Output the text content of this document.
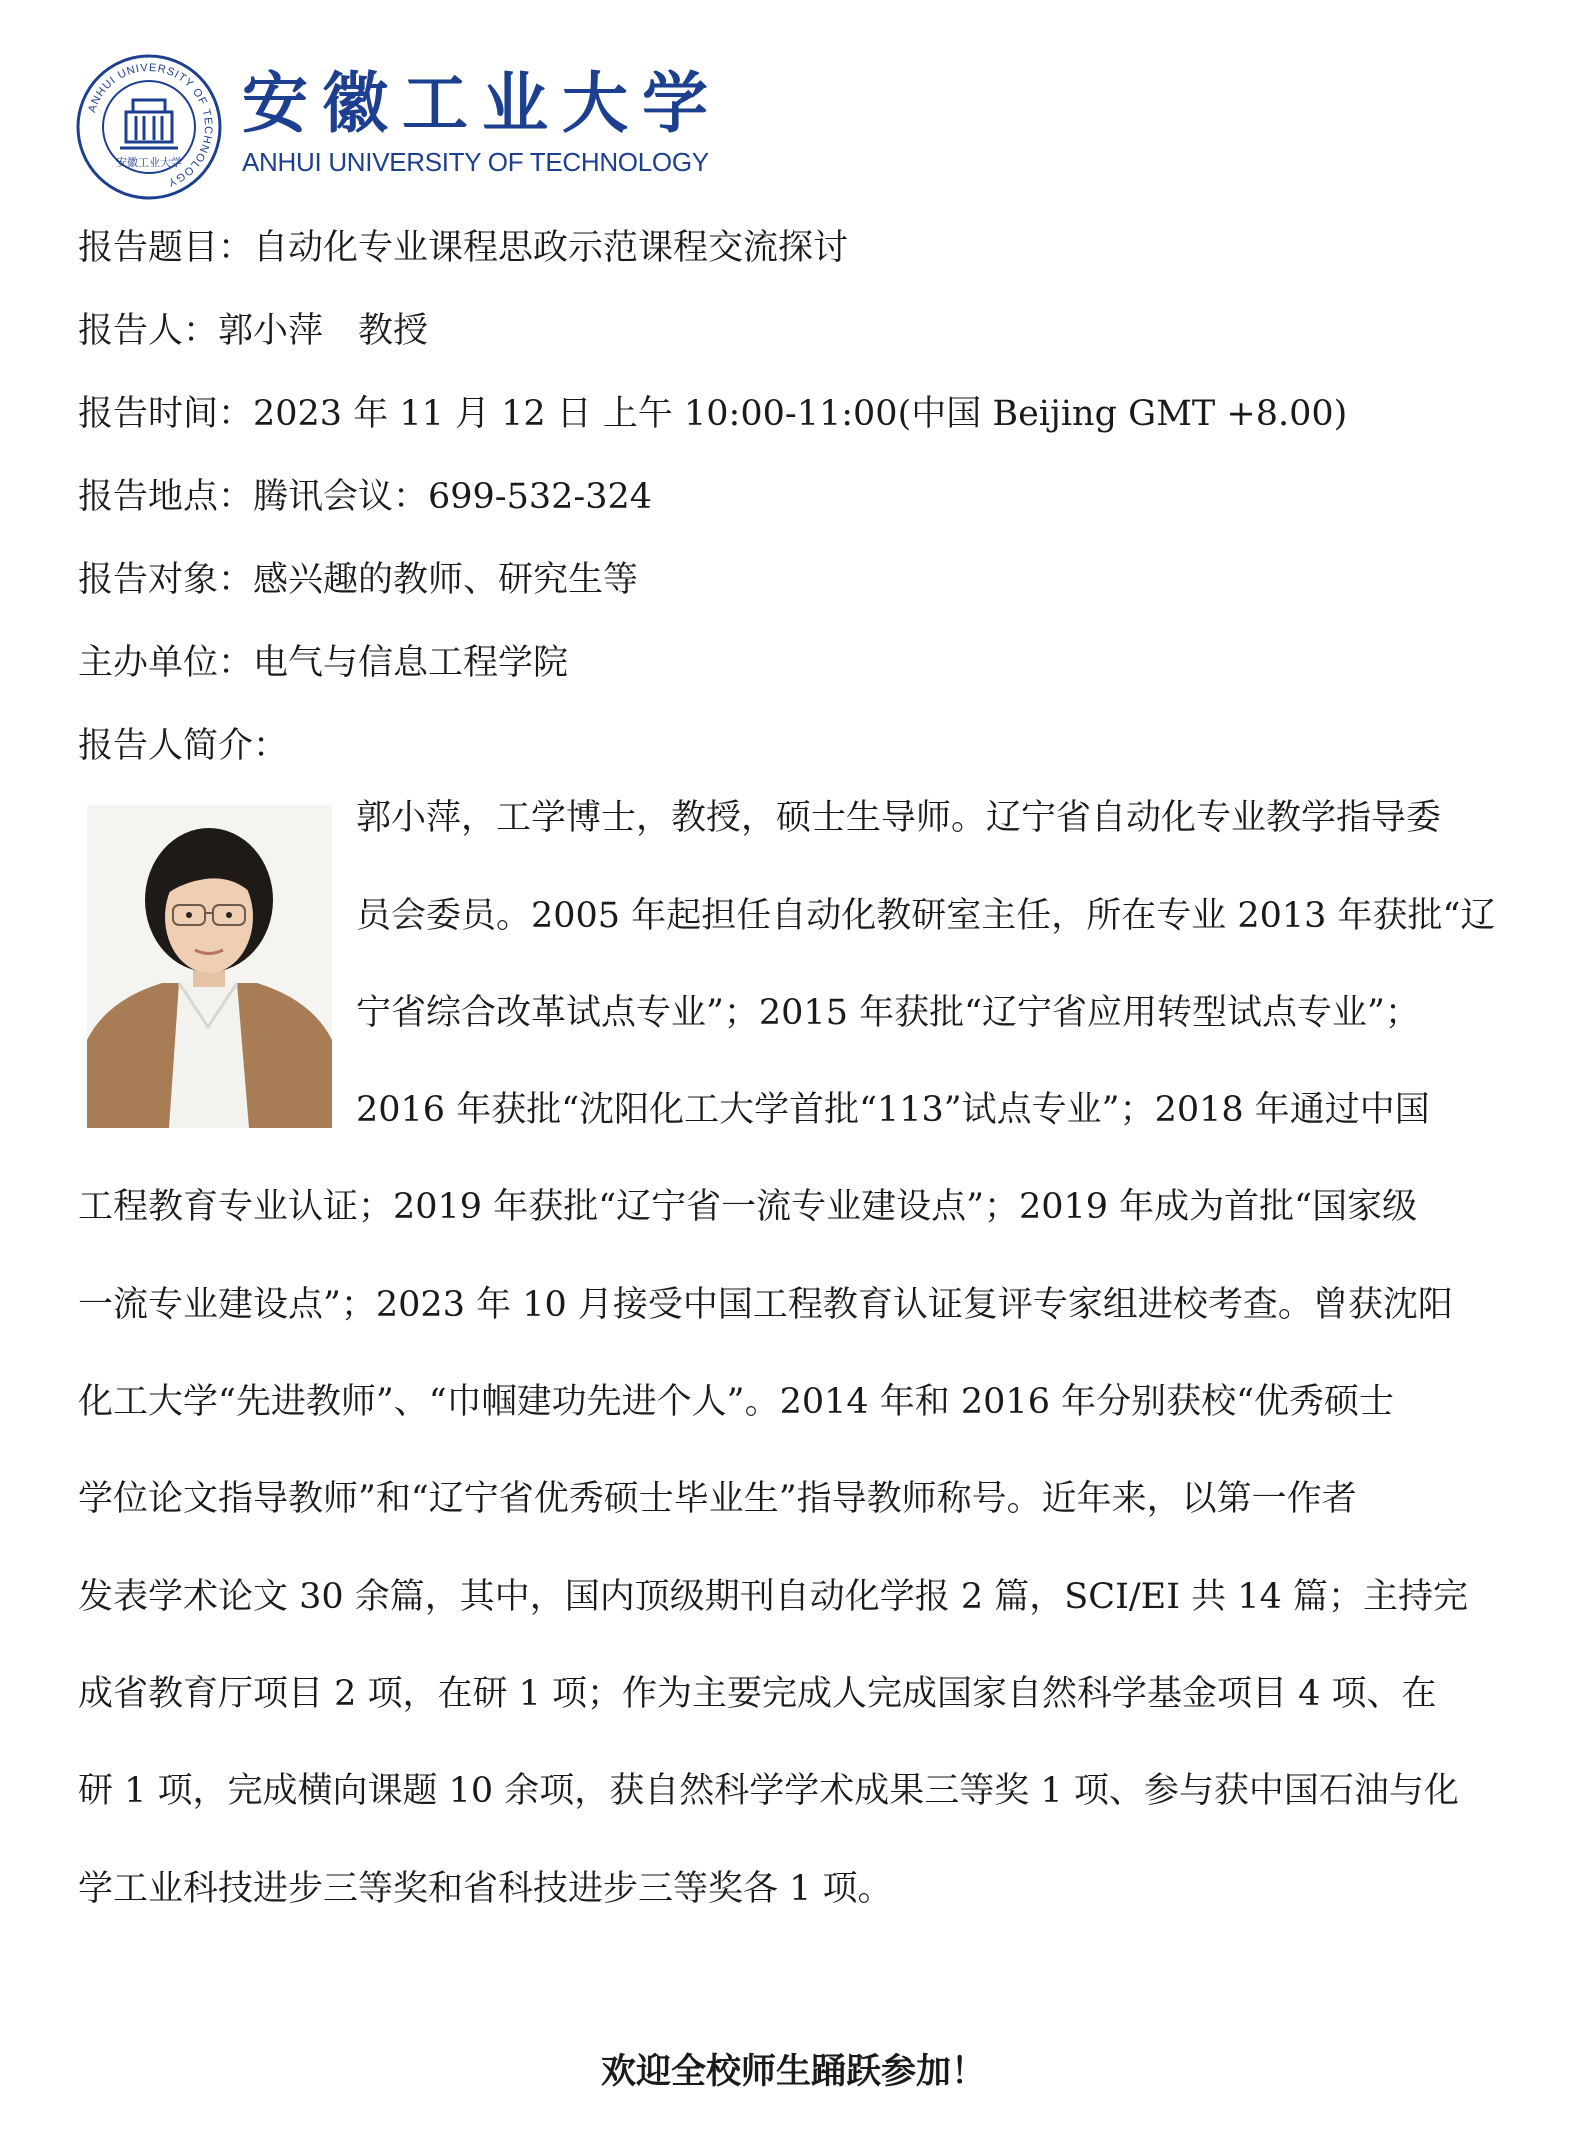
ANHUI UNIVERSITY OF TECHNOLOGY
安徽工业大学
安徽工业大学
ANHUI UNIVERSITY OF TECHNOLOGY
报告题目：自动化专业课程思政示范课程交流探讨
报告人：郭小萍　教授
报告时间：2023 年 11 月 12 日 上午 10:00-11:00(中国 Beijing GMT +8.00)
报告地点：腾讯会议：699-532-324
报告对象：感兴趣的教师、研究生等
主办单位：电气与信息工程学院
报告人简介：
郭小萍，工学博士，教授，硕士生导师。辽宁省自动化专业教学指导委
员会委员。2005 年起担任自动化教研室主任，所在专业 2013 年获批“辽
宁省综合改革试点专业”；2015 年获批“辽宁省应用转型试点专业”；
2016 年获批“沈阳化工大学首批“113”试点专业”；2018 年通过中国
工程教育专业认证；2019 年获批“辽宁省一流专业建设点”；2019 年成为首批“国家级
一流专业建设点”；2023 年 10 月接受中国工程教育认证复评专家组进校考查。曾获沈阳
化工大学“先进教师”、“巾帼建功先进个人”。2014 年和 2016 年分别获校“优秀硕士
学位论文指导教师”和“辽宁省优秀硕士毕业生”指导教师称号。近年来，以第一作者
发表学术论文 30 余篇，其中，国内顶级期刊自动化学报 2 篇，SCI/EI 共 14 篇；主持完
成省教育厅项目 2 项，在研 1 项；作为主要完成人完成国家自然科学基金项目 4 项、在
研 1 项，完成横向课题 10 余项，获自然科学学术成果三等奖 1 项、参与获中国石油与化
学工业科技进步三等奖和省科技进步三等奖各 1 项。
欢迎全校师生踊跃参加！
